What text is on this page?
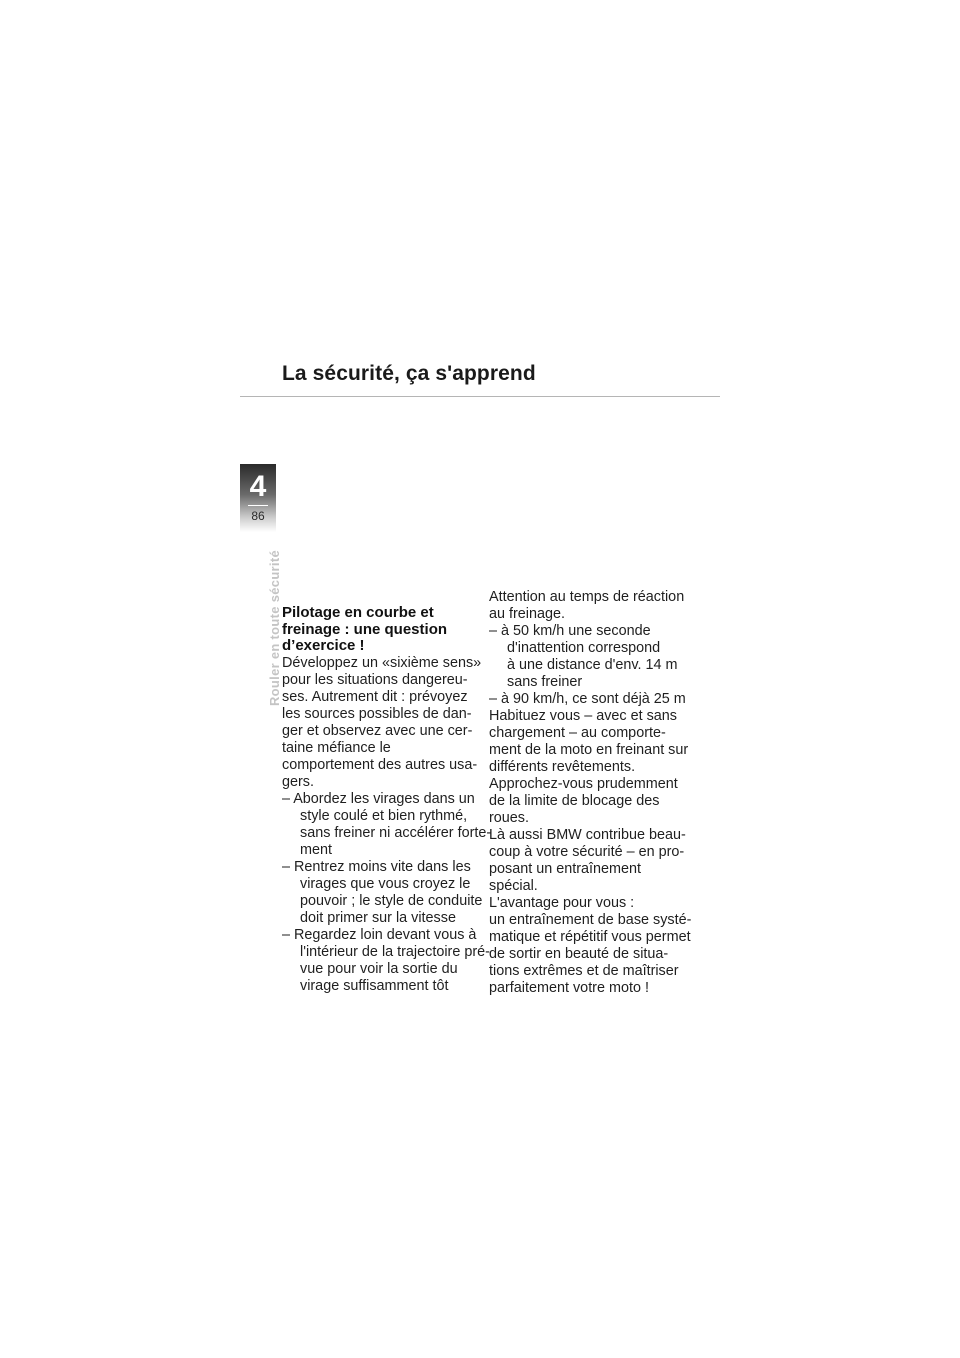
La sécurité, ça s'apprend
4
86
Rouler en toute sécurité Pilotage en courbe et
freinage : une question
d’exercice !
Développez un «sixième sens»
pour les situations dangereu-
ses. Autrement dit : prévoyez
les sources possibles de dan-
ger et observez avec une cer-
taine méfiance le
comportement des autres usa-
gers.
– Abordez les virages dans un
style coulé et bien rythmé,
sans freiner ni accélérer forte-
ment
– Rentrez moins vite dans les
virages que vous croyez le
pouvoir ; le style de conduite
doit primer sur la vitesse
– Regardez loin devant vous à
l'intérieur de la trajectoire pré-
vue pour voir la sortie du
virage suffisamment tôt
Attention au temps de réaction
au freinage.
– à 50 km/h une seconde
d'inattention correspond
à une distance d'env. 14 m
sans freiner
– à 90 km/h, ce sont déjà 25 m
Habituez vous – avec et sans
chargement – au comporte-
ment de la moto en freinant sur
différents revêtements.
Approchez-vous prudemment
de la limite de blocage des
roues.
Là aussi BMW contribue beau-
coup à votre sécurité – en pro-
posant un entraînement
spécial.
L'avantage pour vous :
un entraînement de base systé-
matique et répétitif vous permet
de sortir en beauté de situa-
tions extrêmes et de maîtriser
parfaitement votre moto !
